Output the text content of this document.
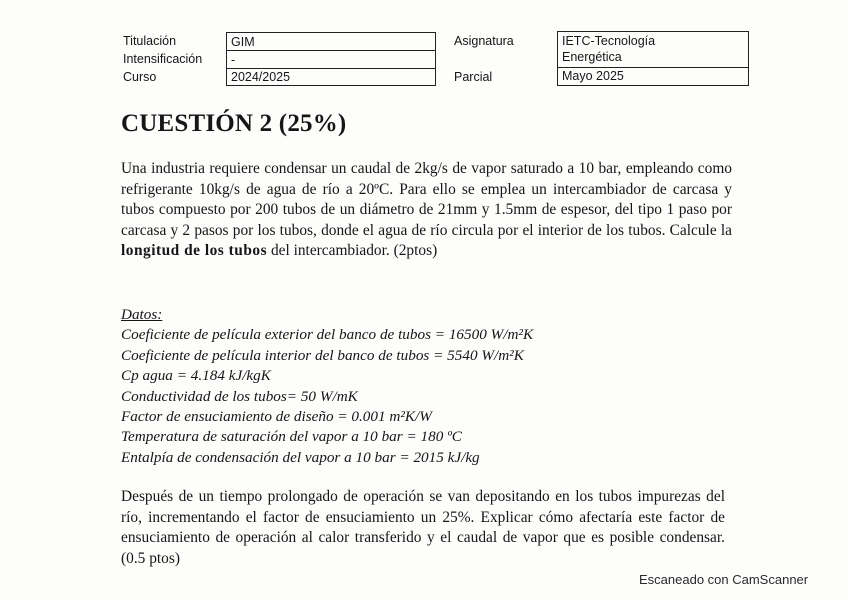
Titulación
Intensificación
Curso
GIM
-
2024/2025
Asignatura
Parcial
IETC-Tecnología
Energética
Mayo 2025
CUESTIÓN 2 (25%)

Una industria requiere condensar un caudal de 2kg/s de vapor saturado a 10 bar, empleando como refrigerante 10kg/s de agua de río a 20ºC. Para ello se emplea un intercambiador de carcasa y tubos compuesto por 200 tubos de un diámetro de 21mm y 1.5mm de espesor, del tipo 1 paso por carcasa y 2 pasos por los tubos, donde el agua de río circula por el interior de los tubos. Calcule la longitud de los tubos del intercambiador. (2ptos)

Datos:
Coeficiente de película exterior del banco de tubos = 16500 W/m²K
Coeficiente de película interior del banco de tubos = 5540 W/m²K
Cp agua = 4.184 kJ/kgK
Conductividad de los tubos= 50 W/mK
Factor de ensuciamiento de diseño = 0.001 m²K/W
Temperatura de saturación del vapor a 10 bar = 180 ºC
Entalpía de condensación del vapor a 10 bar = 2015 kJ/kg

Después de un tiempo prolongado de operación se van depositando en los tubos impurezas del río, incrementando el factor de ensuciamiento un 25%. Explicar cómo afectaría este factor de ensuciamiento de operación al calor transferido y el caudal de vapor que es posible condensar. (0.5 ptos)

Escaneado con CamScanner
